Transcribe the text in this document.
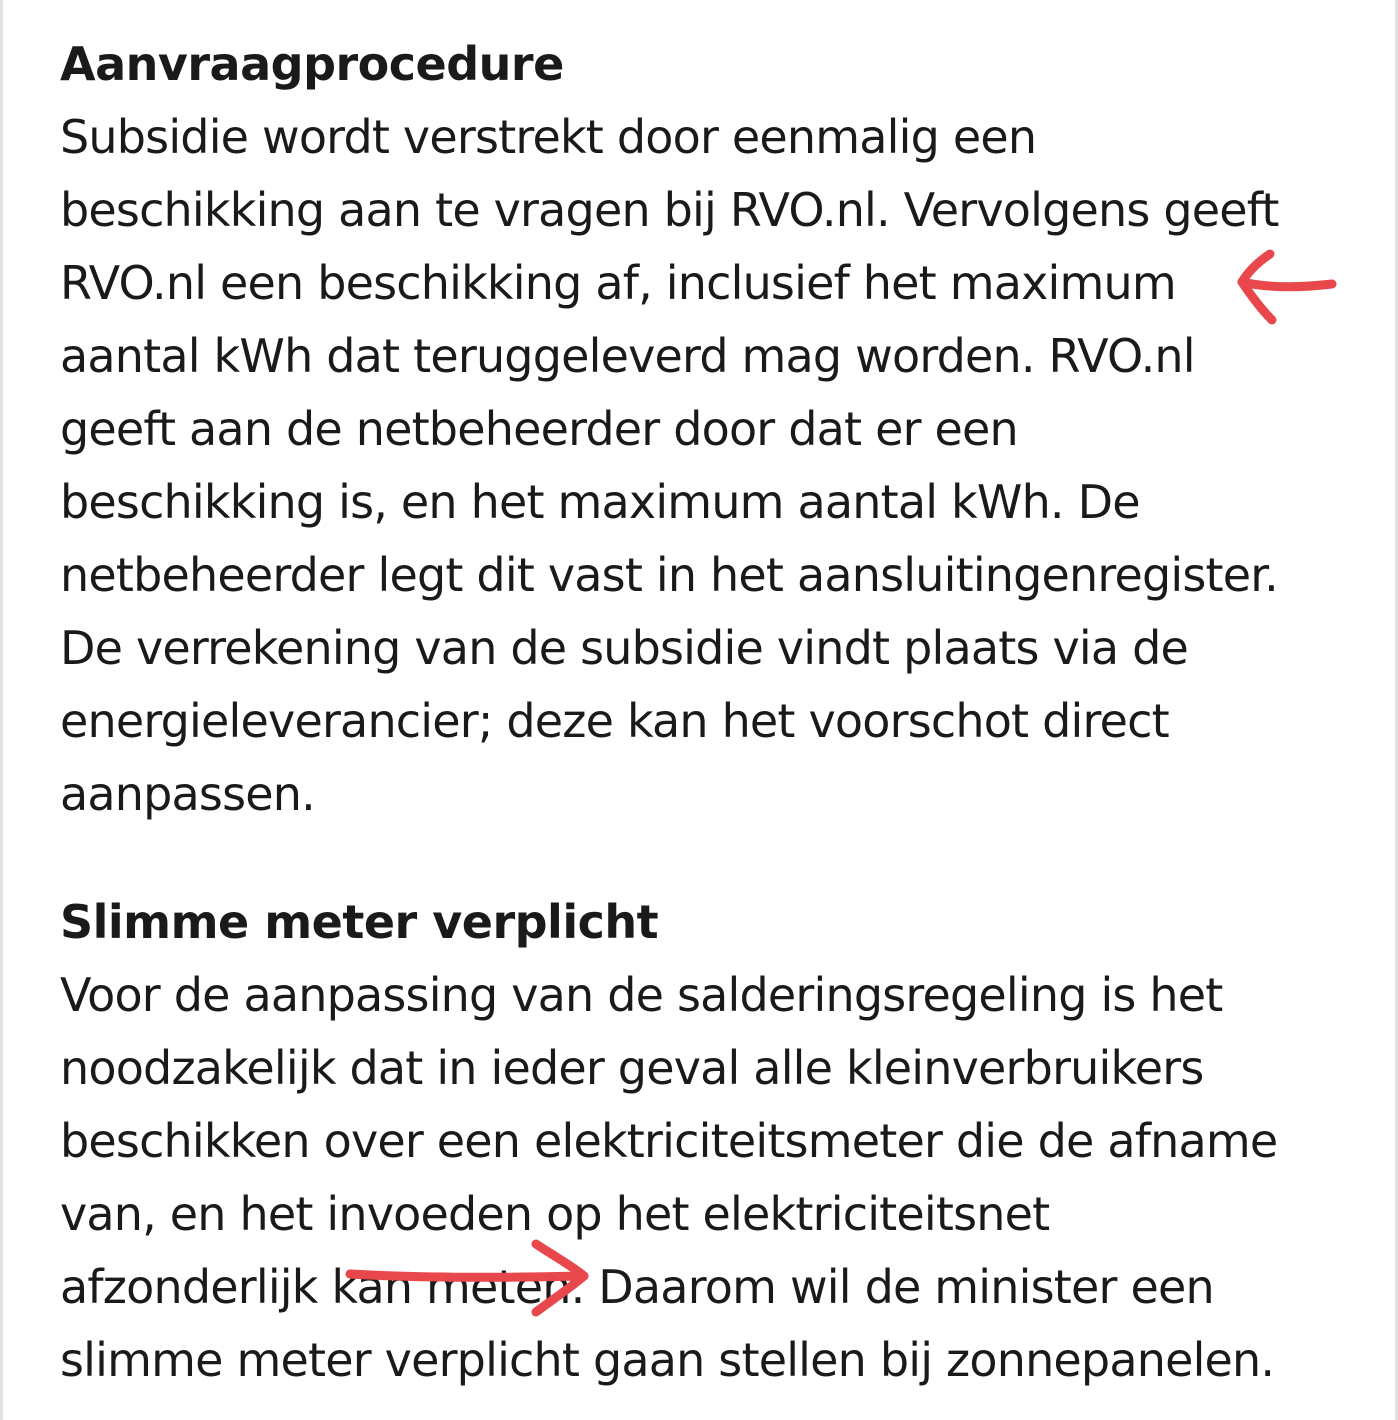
Aanvraagprocedure

Subsidie wordt verstrekt door eenmalig een
beschikking aan te vragen bij RVO.nl. Vervolgens geeft
RVO.nl een beschikking af, inclusief het maximum
aantal kWh dat teruggeleverd mag worden. RVO.nl
geeft aan de netbeheerder door dat er een
beschikking is, en het maximum aantal kWh. De
netbeheerder legt dit vast in het aansluitingenregister.
De verrekening van de subsidie vindt plaats via de
energieleverancier; deze kan het voorschot direct
aanpassen.

Slimme meter verplicht

Voor de aanpassing van de salderingsregeling is het
noodzakelijk dat in ieder geval alle kleinverbruikers
beschikken over een elektriciteitsmeter die de afname
van, en het invoeden op het elektriciteitsnet
afzonderlijk kan meten. Daarom wil de minister een
slimme meter verplicht gaan stellen bij zonnepanelen.
